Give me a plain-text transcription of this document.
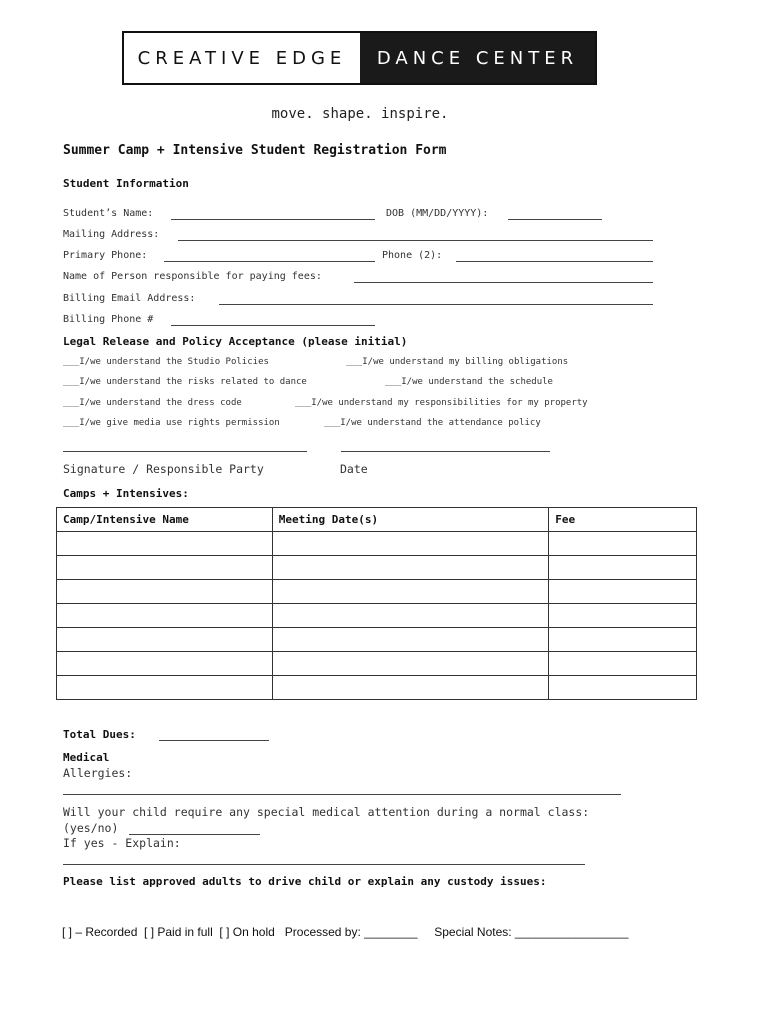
CREATIVE EDGE	DANCE CENTER
move. shape. inspire.
Summer Camp + Intensive Student Registration Form
Student Information
Student’s Name:	DOB (MM/DD/YYYY):
Mailing Address:
Primary Phone:	Phone (2):
Name of Person responsible for paying fees:
Billing Email Address:
Billing Phone #
Legal Release and Policy Acceptance (please initial)
___I/we understand the Studio Policies	___I/we understand my billing obligations
___I/we understand the risks related to dance	___I/we understand the schedule
___I/we understand the dress code	___I/we understand my responsibilities for my property
___I/we give media use rights permission	___I/we understand the attendance policy
Signature / Responsible Party	Date
Camps + Intensives:
Camp/Intensive Name	Meeting Date(s)	Fee

Total Dues:
Medical
Allergies:
Will your child require any special medical attention during a normal class:
(yes/no)
If yes - Explain:
Please list approved adults to drive child or explain any custody issues:
[ ] – Recorded  [ ] Paid in full  [ ] On hold   Processed by: ________     Special Notes: _________________
